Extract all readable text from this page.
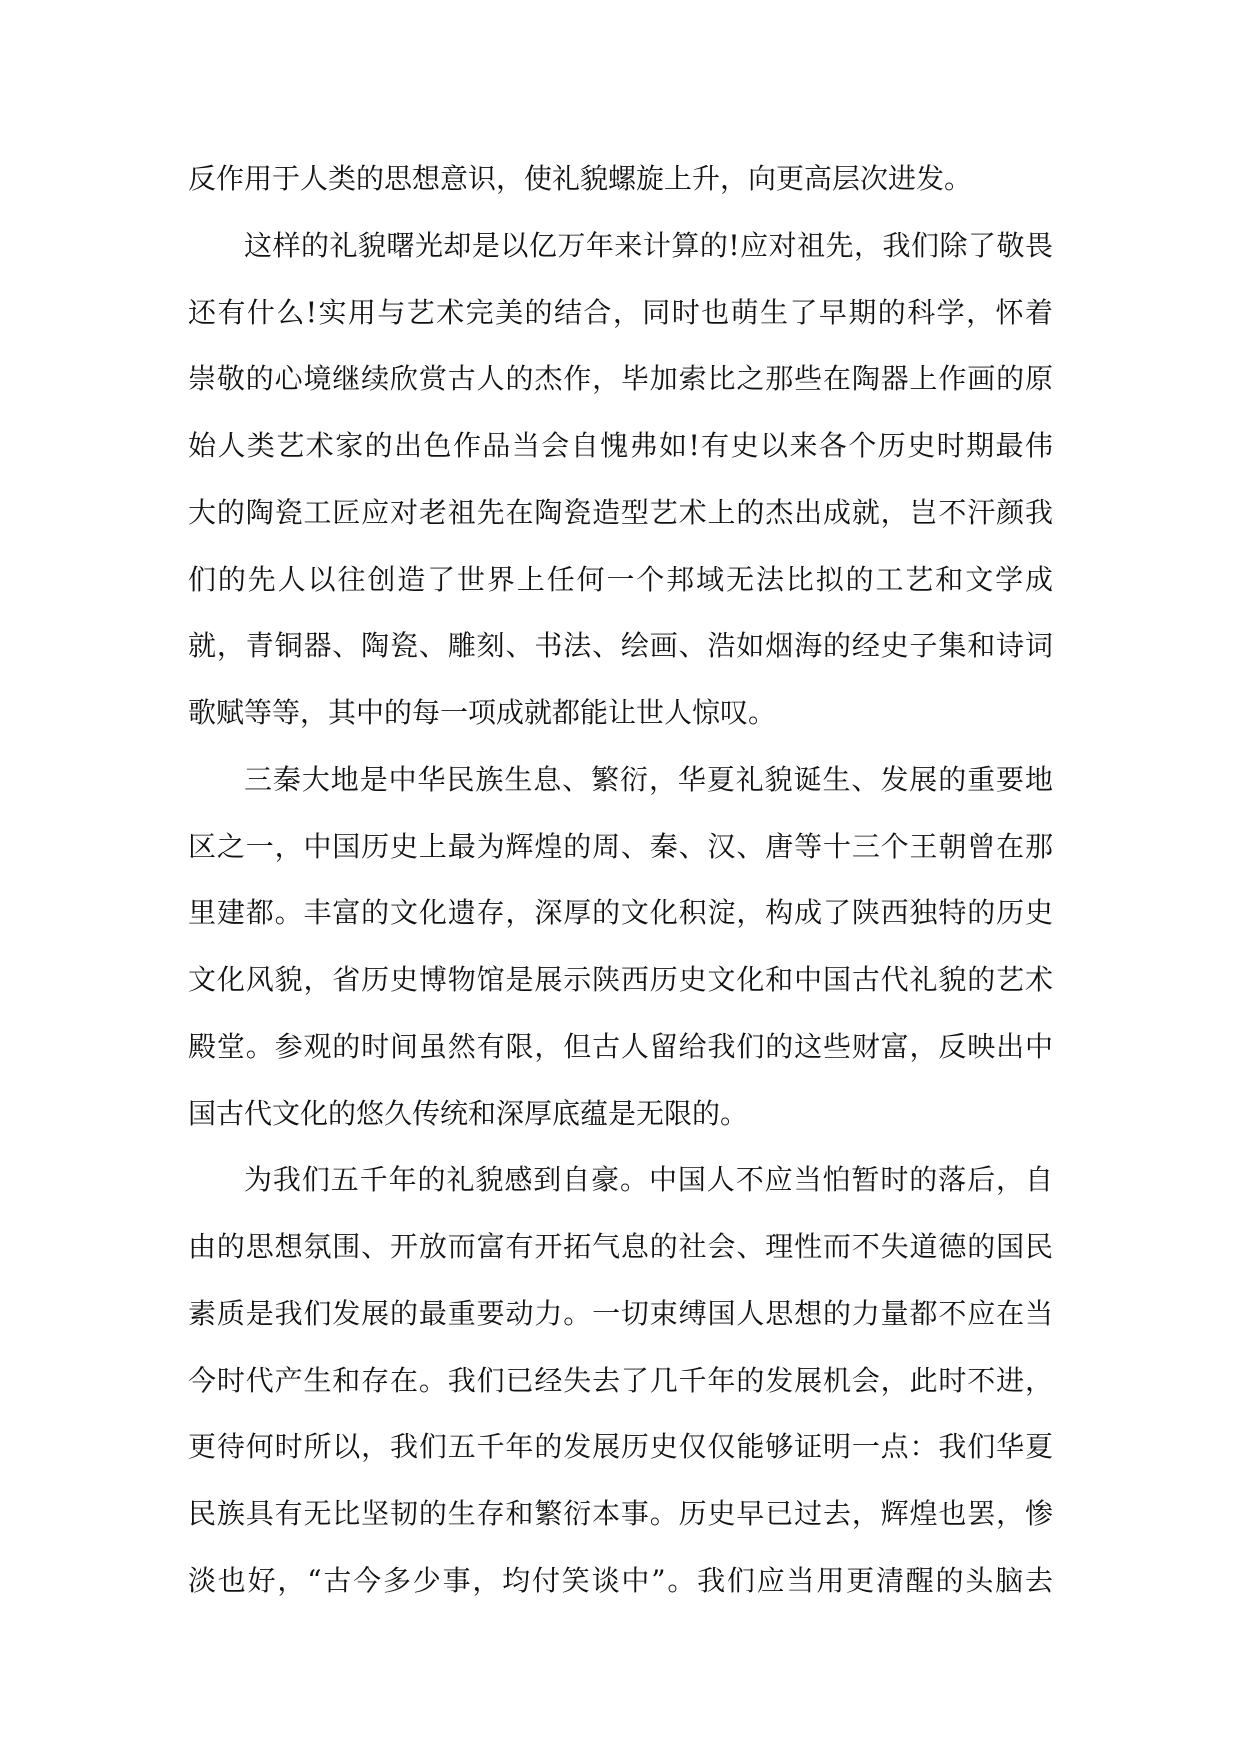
反作用于人类的思想意识，使礼貌螺旋上升，向更高层次进发。
这样的礼貌曙光却是以亿万年来计算的!应对祖先，我们除了敬畏
还有什么!实用与艺术完美的结合，同时也萌生了早期的科学，怀着
崇敬的心境继续欣赏古人的杰作，毕加索比之那些在陶器上作画的原
始人类艺术家的出色作品当会自愧弗如!有史以来各个历史时期最伟
大的陶瓷工匠应对老祖先在陶瓷造型艺术上的杰出成就，岂不汗颜我
们的先人以往创造了世界上任何一个邦域无法比拟的工艺和文学成
就，青铜器、陶瓷、雕刻、书法、绘画、浩如烟海的经史子集和诗词
歌赋等等，其中的每一项成就都能让世人惊叹。
三秦大地是中华民族生息、繁衍，华夏礼貌诞生、发展的重要地
区之一，中国历史上最为辉煌的周、秦、汉、唐等十三个王朝曾在那
里建都。丰富的文化遗存，深厚的文化积淀，构成了陕西独特的历史
文化风貌，省历史博物馆是展示陕西历史文化和中国古代礼貌的艺术
殿堂。参观的时间虽然有限，但古人留给我们的这些财富，反映出中
国古代文化的悠久传统和深厚底蕴是无限的。
为我们五千年的礼貌感到自豪。中国人不应当怕暂时的落后，自
由的思想氛围、开放而富有开拓气息的社会、理性而不失道德的国民
素质是我们发展的最重要动力。一切束缚国人思想的力量都不应在当
今时代产生和存在。我们已经失去了几千年的发展机会，此时不进，
更待何时所以，我们五千年的发展历史仅仅能够证明一点：我们华夏
民族具有无比坚韧的生存和繁衍本事。历史早已过去，辉煌也罢，惨
淡也好，“古今多少事，均付笑谈中”。我们应当用更清醒的头脑去
